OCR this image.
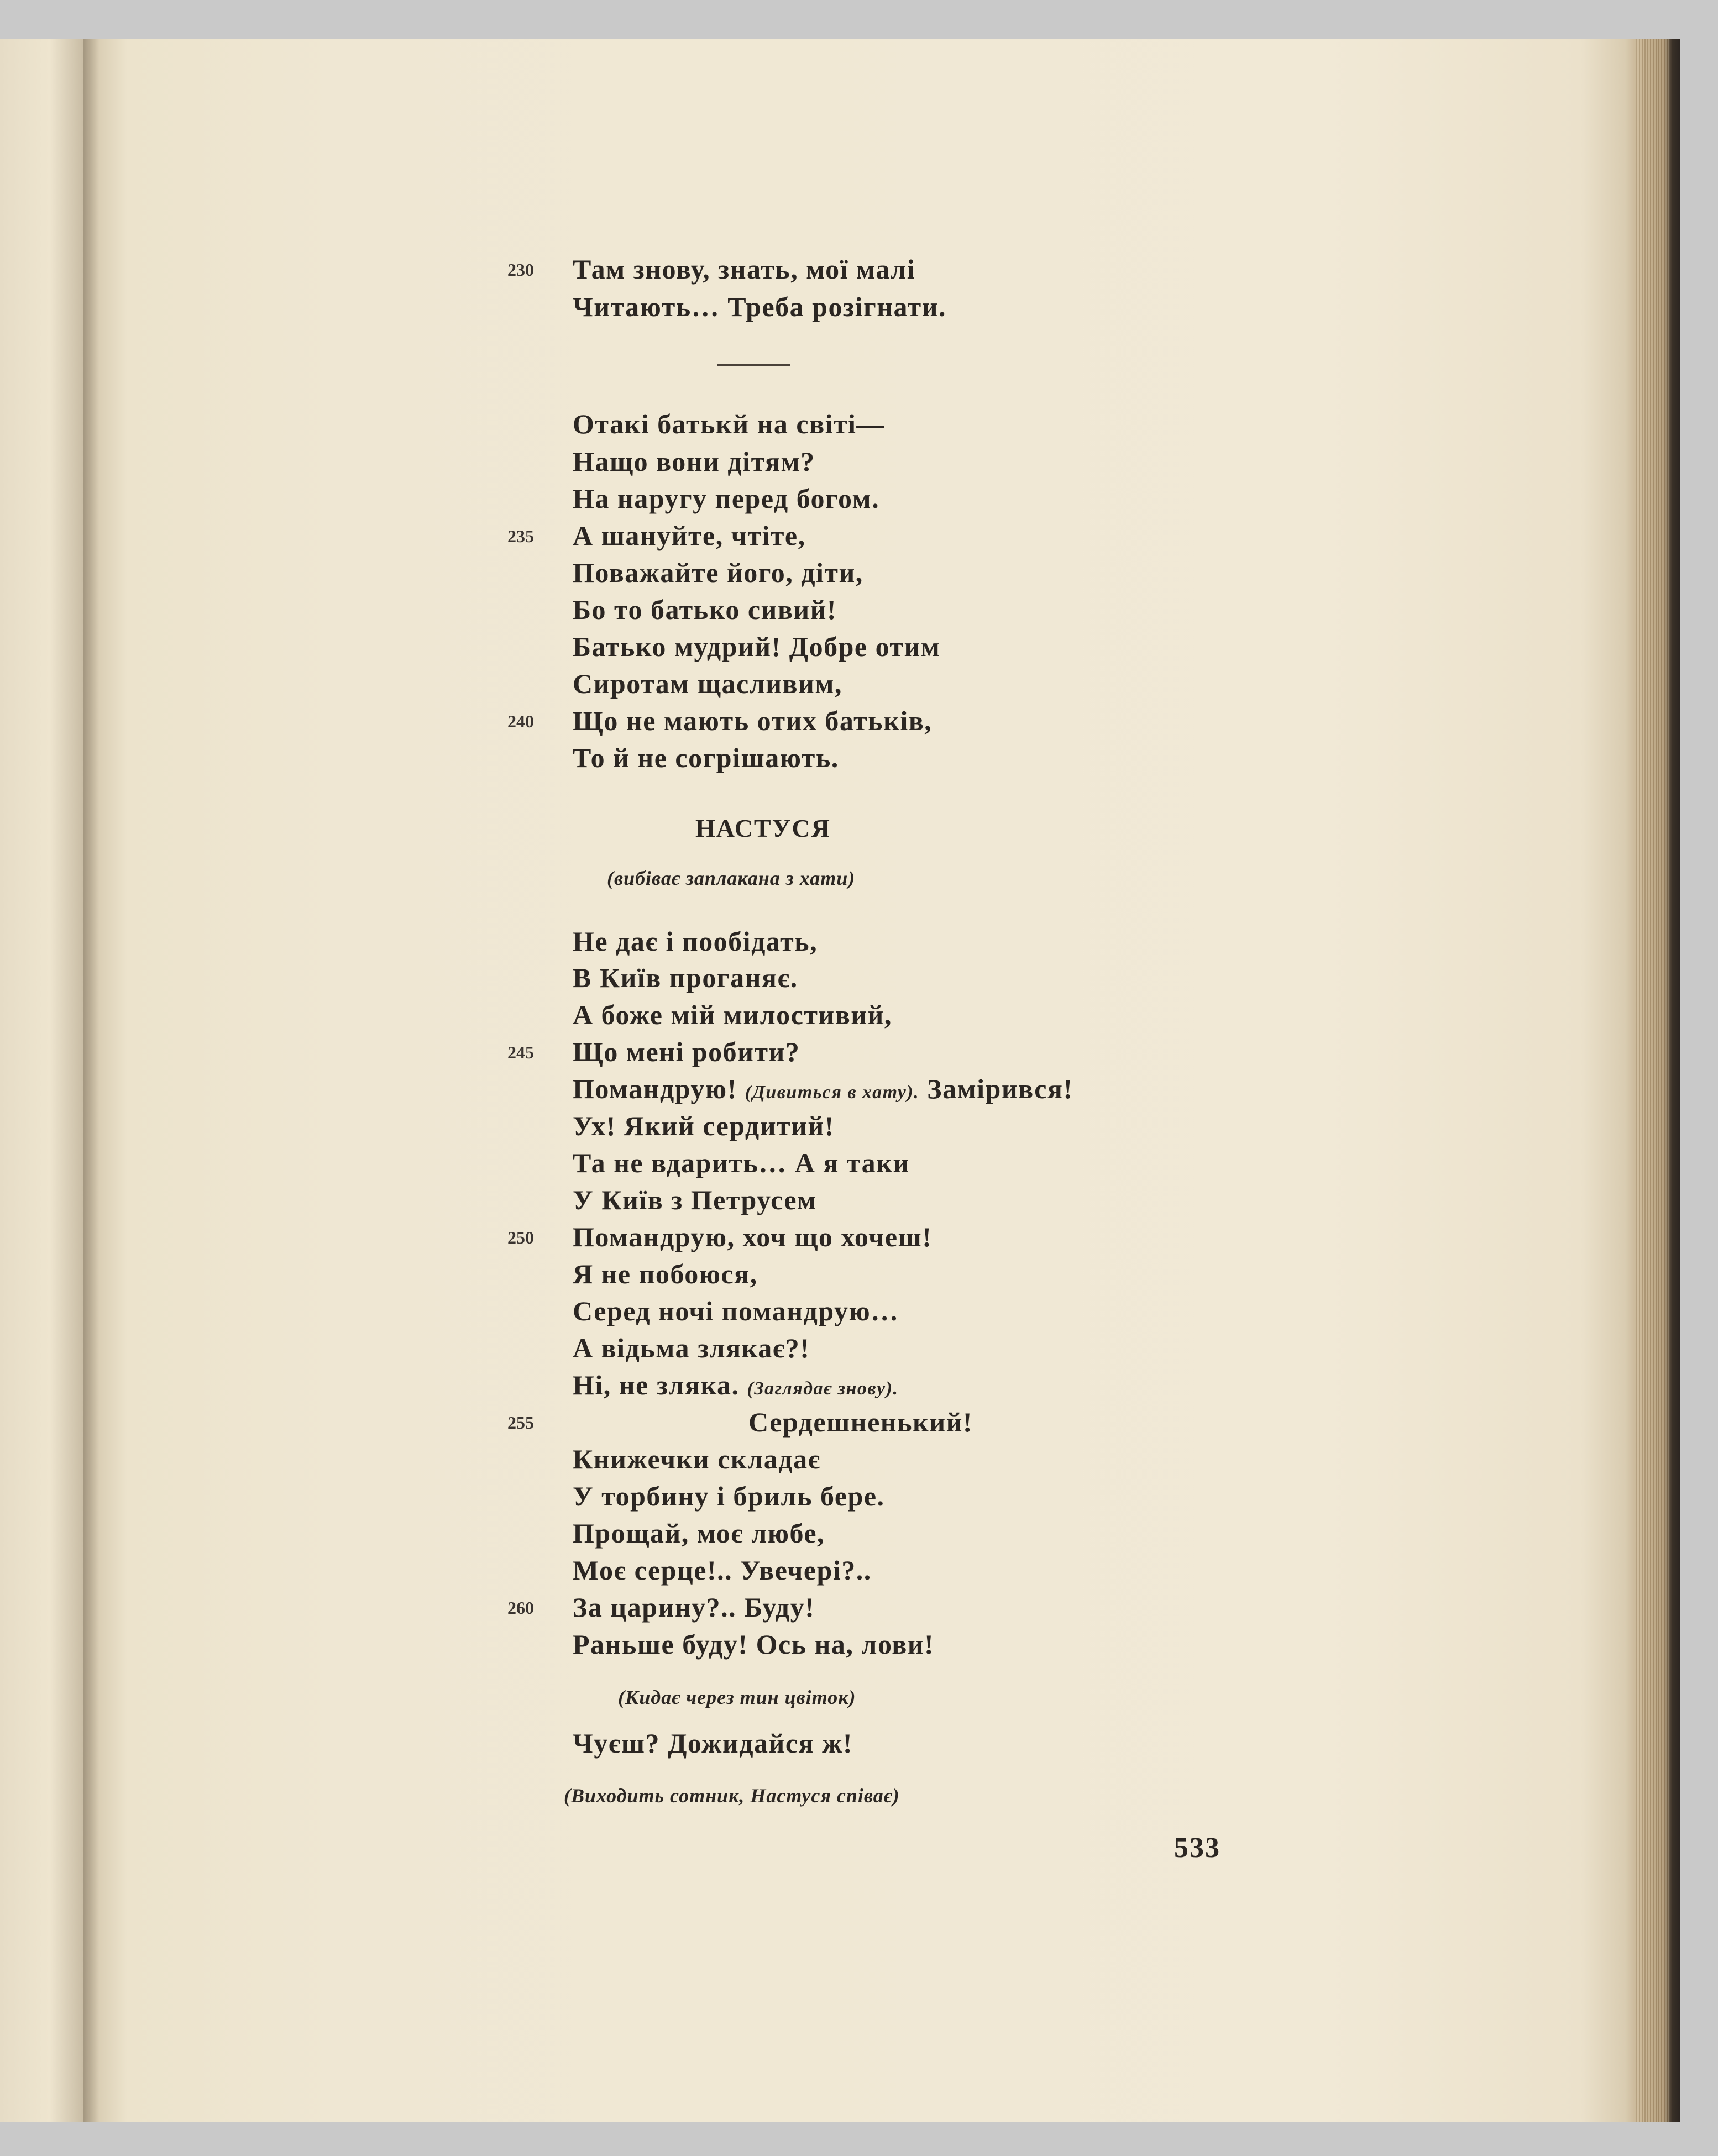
230 Там знову, знать, мої малі
Читають… Треба розігнати.
Отакі батькй на світі—
Нащо вони дітям?
На наругу перед богом.
235 А шануйте, чтіте,
Поважайте його, діти,
Бо то батько сивий!
Батько мудрий! Добре отим
Сиротам щасливим,
240 Що не мають отих батьків,
То й не согрішають.
НАСТУСЯ
(вибіває заплакана з хати)
Не дає і пообідать,
В Київ проганяє.
А боже мій милостивий,
245 Що мені робити?
Помандрую! (Дивиться в хату). Замірився!
Ух! Який сердитий!
Та не вдарить… А я таки
У Київ з Петрусем
250 Помандрую, хоч що хочеш!
Я не побоюся,
Серед ночі помандрую…
А відьма злякає?!
Ні, не зляка. (Заглядає знову).
255	Сердешненький!
Книжечки складає
У торбину і бриль бере.
Прощай, моє любе,
Моє серце!.. Увечері?..
260 За царину?.. Буду!
Раньше буду! Ось на, лови!
(Кидає через тин цвіток)
Чуєш? Дожидайся ж!
(Виходить сотник, Настуся співає)
533
